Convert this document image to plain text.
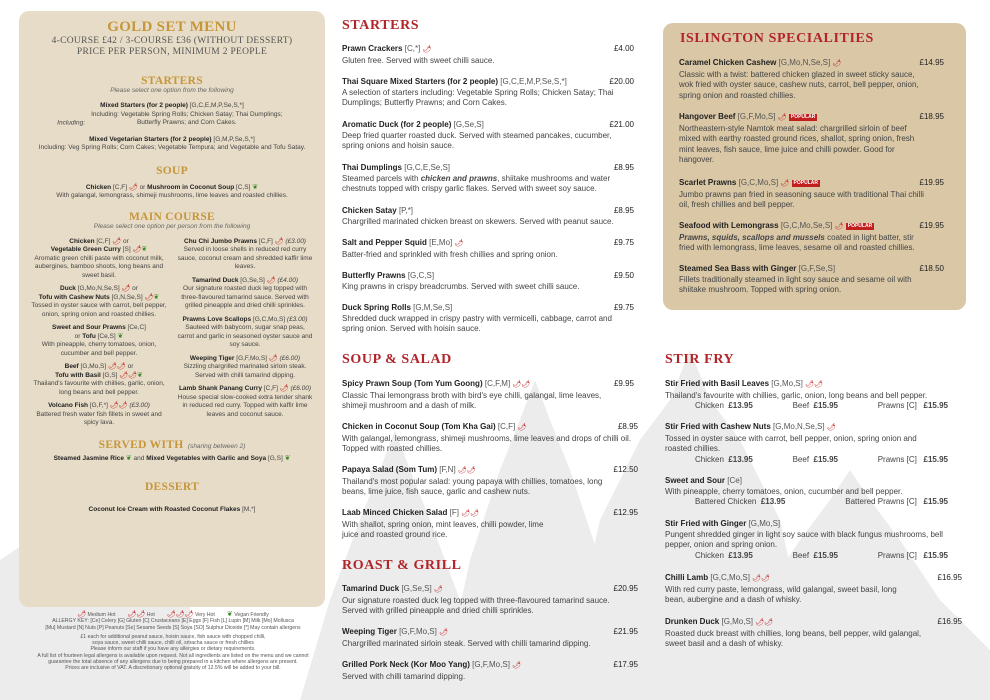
GOLD SET MENU
4-COURSE £42 / 3-COURSE £36 (WITHOUT DESSERT)
PRICE PER PERSON, MINIMUM 2 PEOPLE
STARTERS
Please select one option from the following
Mixed Starters (for 2 people) [G,C,E,M,P,Se,S,*]
Including: Including: Vegetable Spring Rolls; Chicken Satay; Thai Dumplings; Butterfly Prawns; and Corn Cakes.
Mixed Vegetarian Starters (for 2 people) [G,M,P,Se,S,*]
Including: Veg Spring Rolls; Corn Cakes; Vegetable Tempura; and Vegetable and Tofu Satay.
SOUP
Chicken [C,F] 🌶 or Mushroom in Coconut Soup [C,S] ❦
With galangal, lemongrass, shimeji mushrooms, lime leaves and roasted chillies.
MAIN COURSE
Please select one option per person from the following
Chicken [C,F] 🌶 or
Vegetable Green Curry [S] 🌶❦
Aromatic green chilli paste with coconut milk, aubergines, bamboo shoots, long beans and sweet basil.
Duck [G,Mo,N,Se,S] 🌶 or
Tofu with Cashew Nuts [G,N,Se,S] 🌶❦
Tossed in oyster sauce with carrot, bell pepper, onion, spring onion and roasted chillies.
Sweet and Sour Prawns [Ce,C]
or Tofu [Ce,S] ❦
With pineapple, cherry tomatoes, onion, cucumber and bell pepper.
Beef [G,Mo,S] 🌶🌶 or
Tofu with Basil [G,S] 🌶🌶❦
Thailand's favourite with chillies, garlic, onion, long beans and bell pepper.
Volcano Fish [G,F,*] 🌶🌶 (£3.00)
Battered fresh water fish fillets in sweet and spicy lava.
Chu Chi Jumbo Prawns [C,F] 🌶 (£3.00)
Served in loose shells in reduced red curry sauce, coconut cream and shredded kaffir lime leaves.
Tamarind Duck [G,Se,S] 🌶 (£4.00)
Our signature roasted duck leg topped with three-flavoured tamarind sauce. Served with grilled pineapple and dried chilli sprinkles.
Prawns Love Scallops [G,C,Mo,S] (£3.00)
Sauteed with babycorn, sugar snap peas, carrot and garlic in seasoned oyster sauce and soy sauce.
Weeping Tiger [G,F,Mo,S] 🌶 (£6.00)
Sizzling chargrilled marinated sirloin steak. Served with chilli tamarind dipping.
Lamb Shank Panang Curry [C,F] 🌶 (£6.00)
House special slow-cooked extra tender shank in reduced red curry. Topped with kaffir lime leaves and coconut sauce.
SERVED WITH (sharing between 2)
Steamed Jasmine Rice ❦ and Mixed Vegetables with Garlic and Soya [G,S] ❦
DESSERT
Coconut Ice Cream with Roasted Coconut Flakes [M,*]
🌶 Medium Hot 🌶🌶 Hot 🌶🌶🌶 Very Hot ❦ Vegan Friendly
ALLERGY KEY: [Ce] Celery [G] Gluten [C] Crustaceans [E] Eggs [F] Fish [L] Lupin [M] Milk [Mo] Mollusca
[Mu] Mustard [N] Nuts [P] Peanuts [Se] Sesame Seeds [S] Soya [SO] Sulphur Dioxide [*] May contain allergens
£1 each for additional peanut sauce, hoisin sauce, fish sauce with chopped chilli,
soya sauce, sweet chilli sauce, chilli oil, sriracha sauce or fresh chillies
Please inform our staff if you have any allergies or dietary requirements.
A full list of fourteen legal allergens is available upon request. Not all ingredients are listed on the menu and we cannot
guarantee the total absence of any allergens due to being prepared in a kitchen where allergens are present.
Prices are inclusive of VAT. A discretionary optional gratuity of 12.5% will be added to your bill.
STARTERS
Prawn Crackers [C,*] 🌶	£4.00

Gluten free. Served with sweet chilli sauce.
Thai Square Mixed Starters (for 2 people) [G,C,E,M,P,Se,S,*]	£20.00

A selection of starters including: Vegetable Spring Rolls; Chicken Satay; Thai Dumplings; Butterfly Prawns; and Corn Cakes.
Aromatic Duck (for 2 people) [G,Se,S]	£21.00

Deep fried quarter roasted duck. Served with steamed pancakes, cucumber, spring onions and hoisin sauce.
Thai Dumplings [G,C,E,Se,S]	£8.95

Steamed parcels with chicken and prawns, shiitake mushrooms and water chestnuts topped with crispy garlic flakes. Served with sweet soy sauce.
Chicken Satay [P,*]	£8.95

Chargrilled marinated chicken breast on skewers. Served with peanut sauce.
Salt and Pepper Squid [E,Mo] 🌶	£9.75

Batter-fried and sprinkled with fresh chillies and spring onion.
Butterfly Prawns [G,C,S]	£9.50

King prawns in crispy breadcrumbs. Served with sweet chilli sauce.
Duck Spring Rolls [G,M,Se,S]	£9.75

Shredded duck wrapped in crispy pastry with vermicelli, cabbage, carrot and spring onion. Served with hoisin sauce.
SOUP & SALAD
Spicy Prawn Soup (Tom Yum Goong) [C,F,M] 🌶🌶	£9.95

Classic Thai lemongrass broth with bird's eye chilli, galangal, lime leaves, shimeji mushroom and a dash of milk.
Chicken in Coconut Soup (Tom Kha Gai) [C,F] 🌶	£8.95

With galangal, lemongrass, shimeji mushrooms, lime leaves and drops of chilli oil. Topped with roasted chillies.
Papaya Salad (Som Tum) [F,N] 🌶🌶	£12.50

Thailand's most popular salad: young papaya with chillies, tomatoes, long beans, lime juice, fish sauce, garlic and cashew nuts.
Laab Minced Chicken Salad [F] 🌶🌶	£12.95

With shallot, spring onion, mint leaves, chilli powder, lime juice and roasted ground rice.
ROAST & GRILL
Tamarind Duck [G,Se,S] 🌶	£20.95

Our signature roasted duck leg topped with three-flavoured tamarind sauce. Served with grilled pineapple and dried chilli sprinkles.
Weeping Tiger [G,F,Mo,S] 🌶	£21.95

Chargrilled marinated sirloin steak. Served with chilli tamarind dipping.
Grilled Pork Neck (Kor Moo Yang) [G,F,Mo,S] 🌶	£17.95

Served with chilli tamarind dipping.
ISLINGTON SPECIALITIES
Caramel Chicken Cashew [G,Mo,N,Se,S] 🌶	£14.95

Classic with a twist: battered chicken glazed in sweet sticky sauce, wok fried with oyster sauce, cashew nuts, carrot, bell pepper, onion, spring onion and roasted chillies.
Hangover Beef [G,F,Mo,S] 🌶 POPULAR	£18.95

Northeastern-style Namtok meat salad: chargrilled sirloin of beef mixed with earthy roasted ground rices, shallot, spring onion, fresh mint leaves, fish sauce, lime juice and chilli powder. Good for hangover.
Scarlet Prawns [G,C,Mo,S] 🌶 POPULAR	£19.95

Jumbo prawns pan fried in seasoning sauce with traditional Thai chilli oil, fresh chillies and bell pepper.
Seafood with Lemongrass [G,C,Mo,Se,S] 🌶 POPULAR	£19.95

Prawns, squids, scallops and mussels coated in light batter, stir fried with lemongrass, lime leaves, sesame oil and roasted chillies.
Steamed Sea Bass with Ginger [G,F,Se,S]	£18.50

Fillets traditionally steamed in light soy sauce and sesame oil with shiitake mushroom. Topped with spring onion.
STIR FRY
Stir Fried with Basil Leaves [G,Mo,S] 🌶🌶
Thailand's favourite with chillies, garlic, onion, long beans and bell pepper.
Chicken £13.95	Beef £15.95	Prawns [C] £15.95
Stir Fried with Cashew Nuts [G,Mo,N,Se,S] 🌶

Tossed in oyster sauce with carrot, bell pepper, onion, spring onion and roasted chillies.
Chicken £13.95	Beef £15.95	Prawns [C] £15.95
Sweet and Sour [Ce]
With pineapple, cherry tomatoes, onion, cucumber and bell pepper.
Battered Chicken £13.95	Battered Prawns [C] £15.95
Stir Fried with Ginger [G,Mo,S]

Pungent shredded ginger in light soy sauce with black fungus mushrooms, bell pepper, onion and spring onion.
Chicken £13.95	Beef £15.95	Prawns [C] £15.95
Chilli Lamb [G,C,Mo,S] 🌶🌶	£16.95

With red curry paste, lemongrass, wild galangal, sweet basil, long bean, aubergine and a dash of whisky.
Drunken Duck [G,Mo,S] 🌶🌶	£16.95

Roasted duck breast with chillies, long beans, bell pepper, wild galangal, sweet basil and a dash of whisky.
